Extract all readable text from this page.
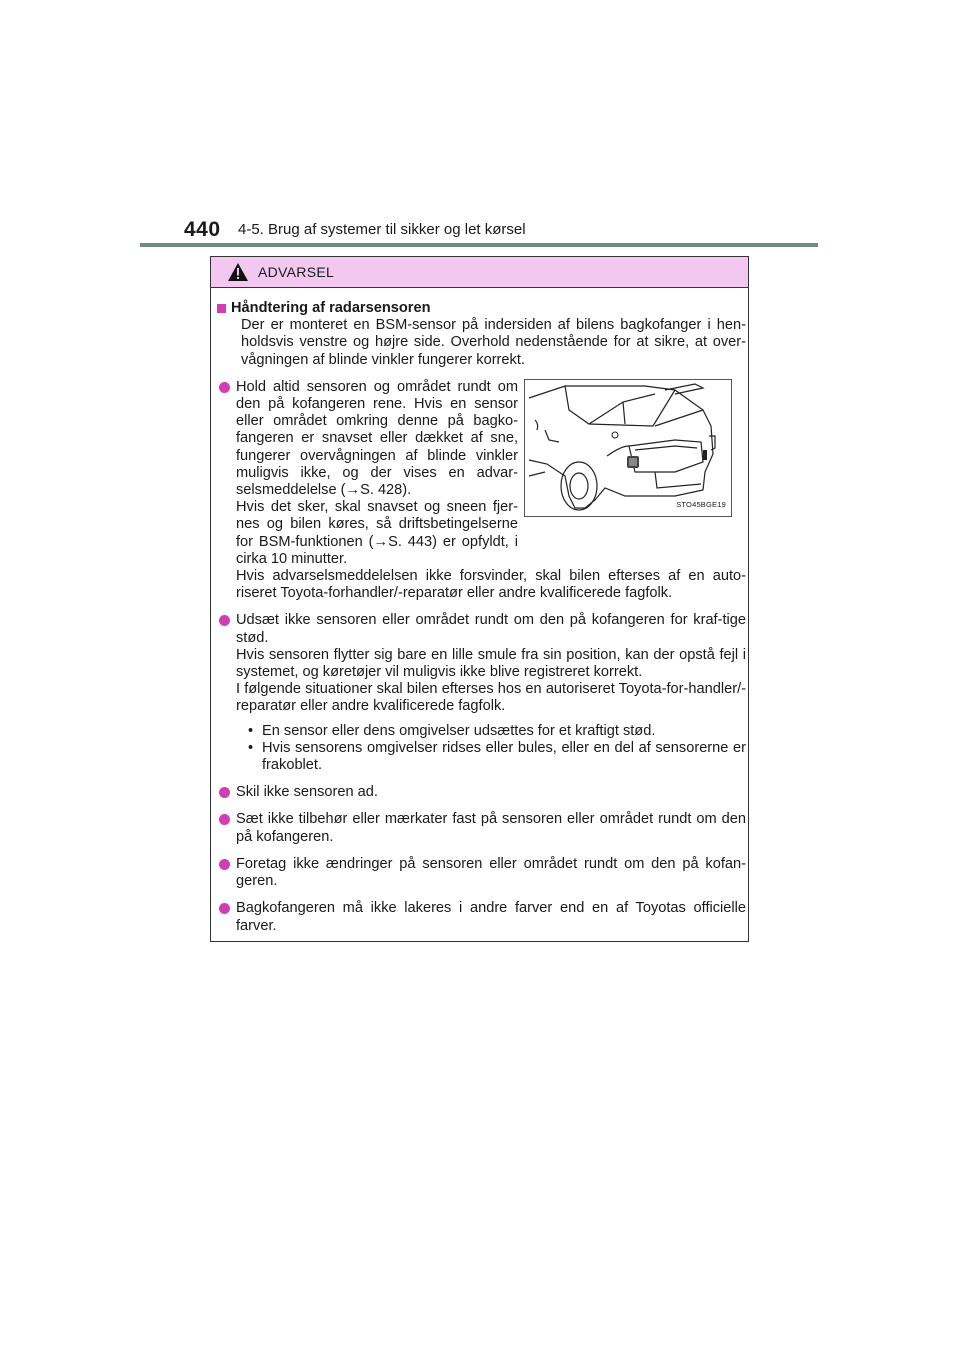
440 4-5. Brug af systemer til sikker og let kørsel
ADVARSEL
Håndtering af radarsensoren
Der er monteret en BSM-sensor på indersiden af bilens bagkofanger i hen-holdsvis venstre og højre side. Overhold nedenstående for at sikre, at over-vågningen af blinde vinkler fungerer korrekt.
Hold altid sensoren og området rundt om den på kofangeren rene. Hvis en sensor eller området omkring denne på bagko-fangeren er snavset eller dækket af sne, fungerer overvågningen af blinde vinkler muligvis ikke, og der vises en advar-selsmeddelelse (→S. 428).
Hvis det sker, skal snavset og sneen fjer-nes og bilen køres, så driftsbetingelserne for BSM-funktionen (→S. 443) er opfyldt, i cirka 10 minutter.
STO45BGE19
Hvis advarselsmeddelelsen ikke forsvinder, skal bilen efterses af en auto-riseret Toyota-forhandler/-reparatør eller andre kvalificerede fagfolk.
Udsæt ikke sensoren eller området rundt om den på kofangeren for kraf-tige stød.
Hvis sensoren flytter sig bare en lille smule fra sin position, kan der opstå fejl i systemet, og køretøjer vil muligvis ikke blive registreret korrekt.
I følgende situationer skal bilen efterses hos en autoriseret Toyota-for-handler/-reparatør eller andre kvalificerede fagfolk.
• En sensor eller dens omgivelser udsættes for et kraftigt stød.
• Hvis sensorens omgivelser ridses eller bules, eller en del af sensorerne er frakoblet.
Skil ikke sensoren ad.
Sæt ikke tilbehør eller mærkater fast på sensoren eller området rundt om den på kofangeren.
Foretag ikke ændringer på sensoren eller området rundt om den på kofan-geren.
Bagkofangeren må ikke lakeres i andre farver end en af Toyotas officielle farver.
